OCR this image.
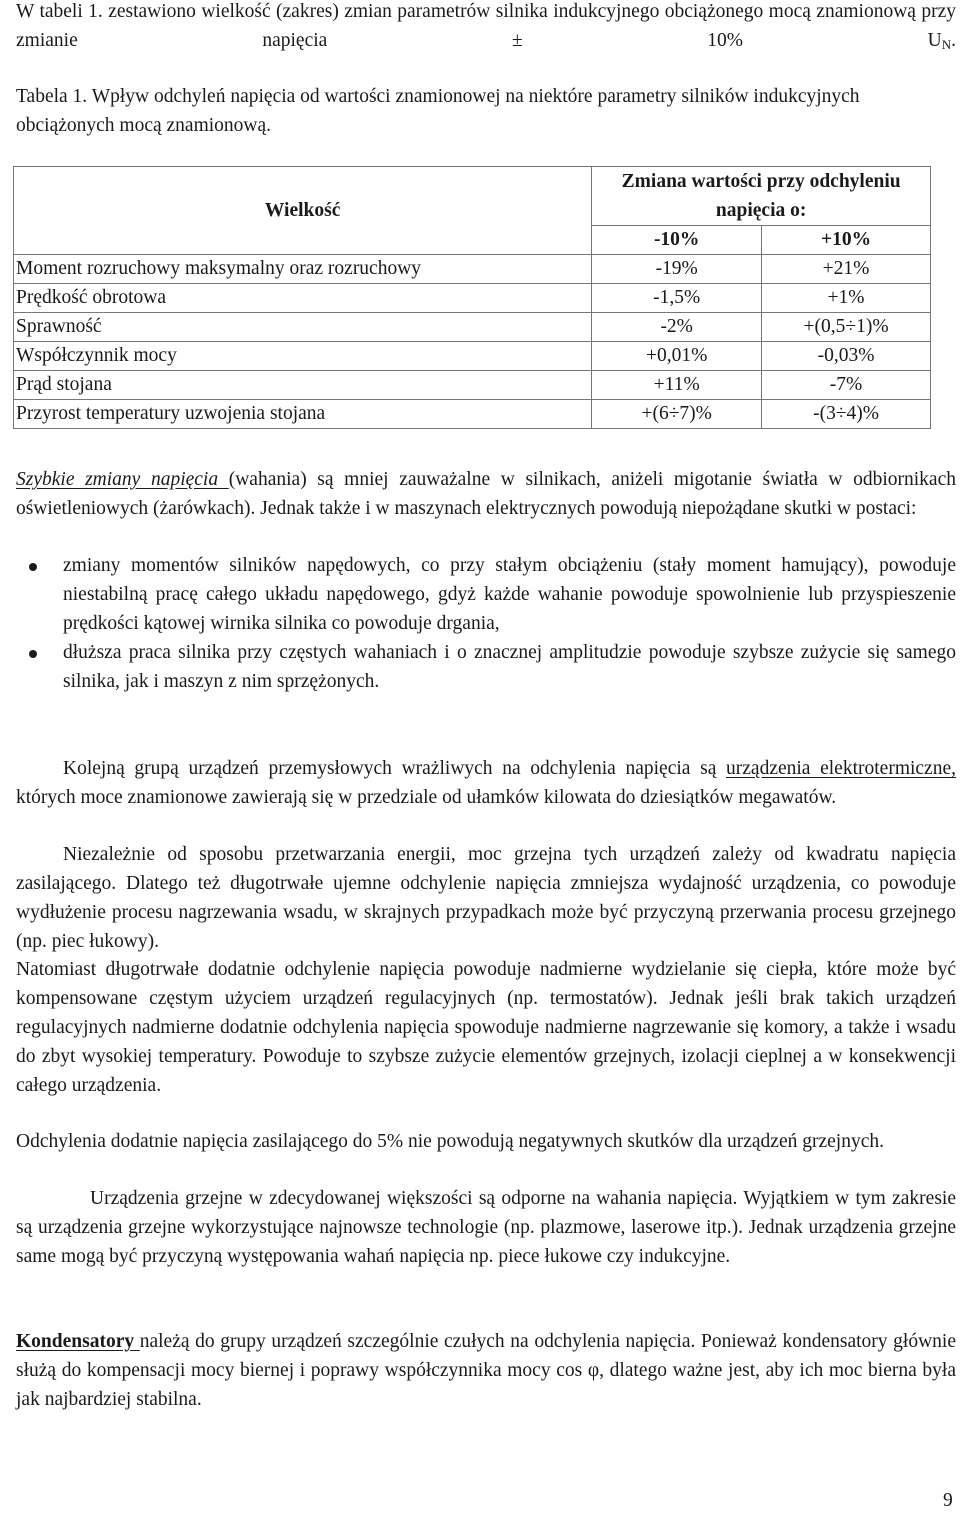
W tabeli 1. zestawiono wielkość (zakres) zmian parametrów silnika indukcyjnego obciążonego mocą znamionową przy zmianie napięcia ± 10% $U_N$.

Tabela 1. Wpływ odchyleń napięcia od wartości znamionowej na niektóre parametry silników indukcyjnych obciążonych mocą znamionową.

Wielkość	Zmiana wartości przy odchyleniu napięcia o:	
	-10%	+10%
Moment rozruchowy maksymalny oraz rozruchowy	-19%	+21%
Prędkość obrotowa	-1,5%	+1%
Sprawność	-2%	+(0,5÷1)%
Współczynnik mocy	+0,01%	-0,03%
Prąd stojana	+11%	-7%
Przyrost temperatury uzwojenia stojana	+(6÷7)%	-(3÷4)%

Szybkie zmiany napięcia (wahania) są mniej zauważalne w silnikach, aniżeli migotanie światła w odbiornikach oświetleniowych (żarówkach). Jednak także i w maszynach elektrycznych powodują niepożądane skutki w postaci:

zmiany momentów silników napędowych, co przy stałym obciążeniu (stały moment hamujący), powoduje niestabilną pracę całego układu napędowego, gdyż każde wahanie powoduje spowolnienie lub przyspieszenie prędkości kątowej wirnika silnika co powoduje drgania,
dłuższa praca silnika przy częstych wahaniach i o znacznej amplitudzie powoduje szybsze zużycie się samego silnika, jak i maszyn z nim sprzężonych.

Kolejną grupą urządzeń przemysłowych wrażliwych na odchylenia napięcia są urządzenia elektrotermiczne, których moce znamionowe zawierają się w przedziale od ułamków kilowata do dziesiątków megawatów.

Niezależnie od sposobu przetwarzania energii, moc grzejna tych urządzeń zależy od kwadratu napięcia zasilającego. Dlatego też długotrwałe ujemne odchylenie napięcia zmniejsza wydajność urządzenia, co powoduje wydłużenie procesu nagrzewania wsadu, w skrajnych przypadkach może być przyczyną przerwania procesu grzejnego (np. piec łukowy).

Natomiast długotrwałe dodatnie odchylenie napięcia powoduje nadmierne wydzielanie się ciepła, które może być kompensowane częstym użyciem urządzeń regulacyjnych (np. termostatów). Jednak jeśli brak takich urządzeń regulacyjnych nadmierne dodatnie odchylenia napięcia spowoduje nadmierne nagrzewanie się komory, a także i wsadu do zbyt wysokiej temperatury. Powoduje to szybsze zużycie elementów grzejnych, izolacji cieplnej a w konsekwencji całego urządzenia.

Odchylenia dodatnie napięcia zasilającego do 5% nie powodują negatywnych skutków dla urządzeń grzejnych.

Urządzenia grzejne w zdecydowanej większości są odporne na wahania napięcia. Wyjątkiem w tym zakresie są urządzenia grzejne wykorzystujące najnowsze technologie (np. plazmowe, laserowe itp.). Jednak urządzenia grzejne same mogą być przyczyną występowania wahań napięcia np. piece łukowe czy indukcyjne.

Kondensatory należą do grupy urządzeń szczególnie czułych na odchylenia napięcia. Ponieważ kondensatory głównie służą do kompensacji mocy biernej i poprawy współczynnika mocy cos φ, dlatego ważne jest, aby ich moc bierna była jak najbardziej stabilna.

9
